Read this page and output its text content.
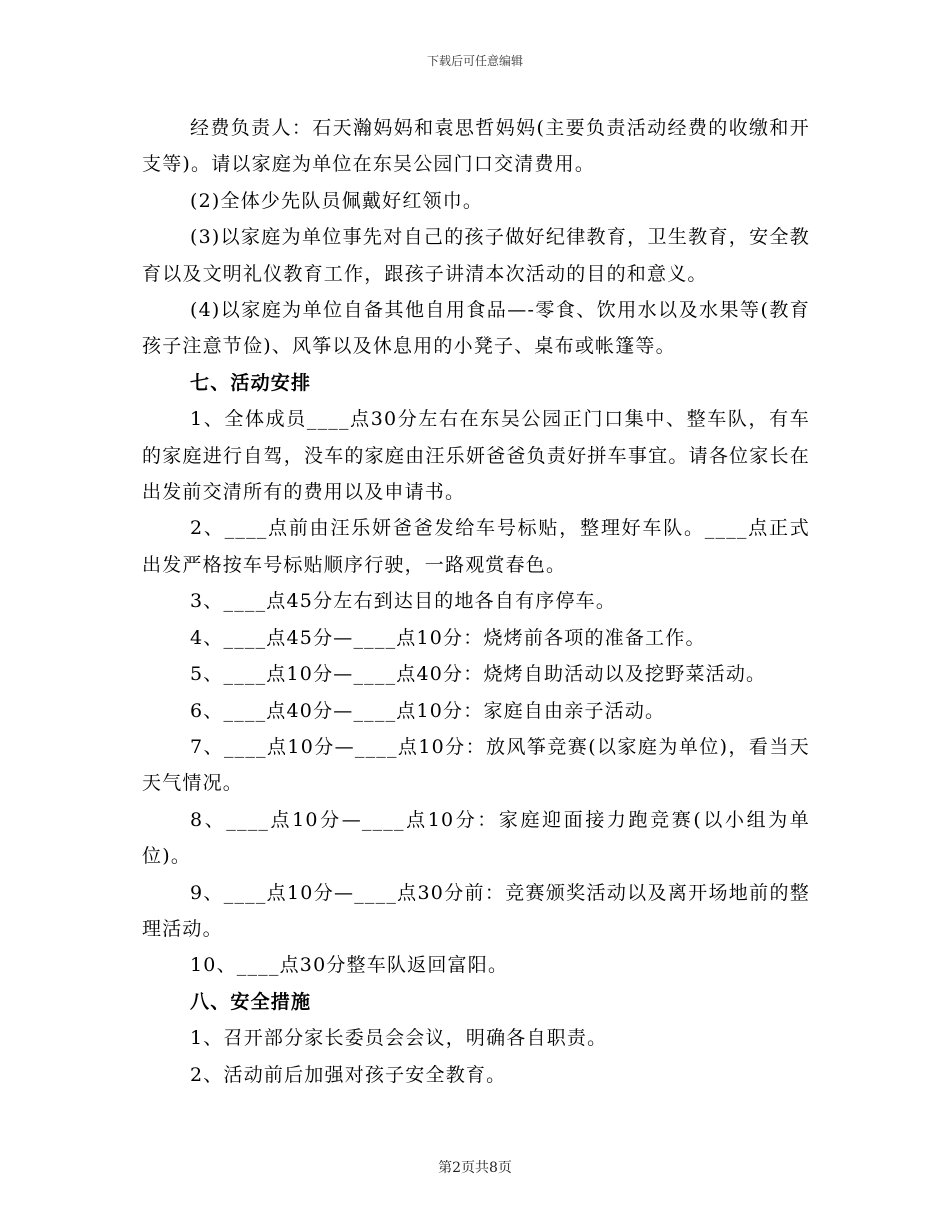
下载后可任意编辑

经费负责人：石天瀚妈妈和袁思哲妈妈(主要负责活动经费的收缴和开支等)。请以家庭为单位在东吴公园门口交清费用。

(2)全体少先队员佩戴好红领巾。

(3)以家庭为单位事先对自己的孩子做好纪律教育，卫生教育，安全教育以及文明礼仪教育工作，跟孩子讲清本次活动的目的和意义。

(4)以家庭为单位自备其他自用食品—-零食、饮用水以及水果等(教育孩子注意节俭)、风筝以及休息用的小凳子、桌布或帐篷等。

七、活动安排

1、全体成员____点30分左右在东吴公园正门口集中、整车队，有车的家庭进行自驾，没车的家庭由汪乐妍爸爸负责好拼车事宜。请各位家长在出发前交清所有的费用以及申请书。

2、____点前由汪乐妍爸爸发给车号标贴，整理好车队。____点正式出发严格按车号标贴顺序行驶，一路观赏春色。

3、____点45分左右到达目的地各自有序停车。

4、____点45分—____点10分：烧烤前各项的准备工作。

5、____点10分—____点40分：烧烤自助活动以及挖野菜活动。

6、____点40分—____点10分：家庭自由亲子活动。

7、____点10分—____点10分：放风筝竞赛(以家庭为单位)，看当天天气情况。

8、____点10分—____点10分：家庭迎面接力跑竞赛(以小组为单位)。

9、____点10分—____点30分前：竞赛颁奖活动以及离开场地前的整理活动。

10、____点30分整车队返回富阳。

八、安全措施

1、召开部分家长委员会会议，明确各自职责。

2、活动前后加强对孩子安全教育。

第2页共8页
